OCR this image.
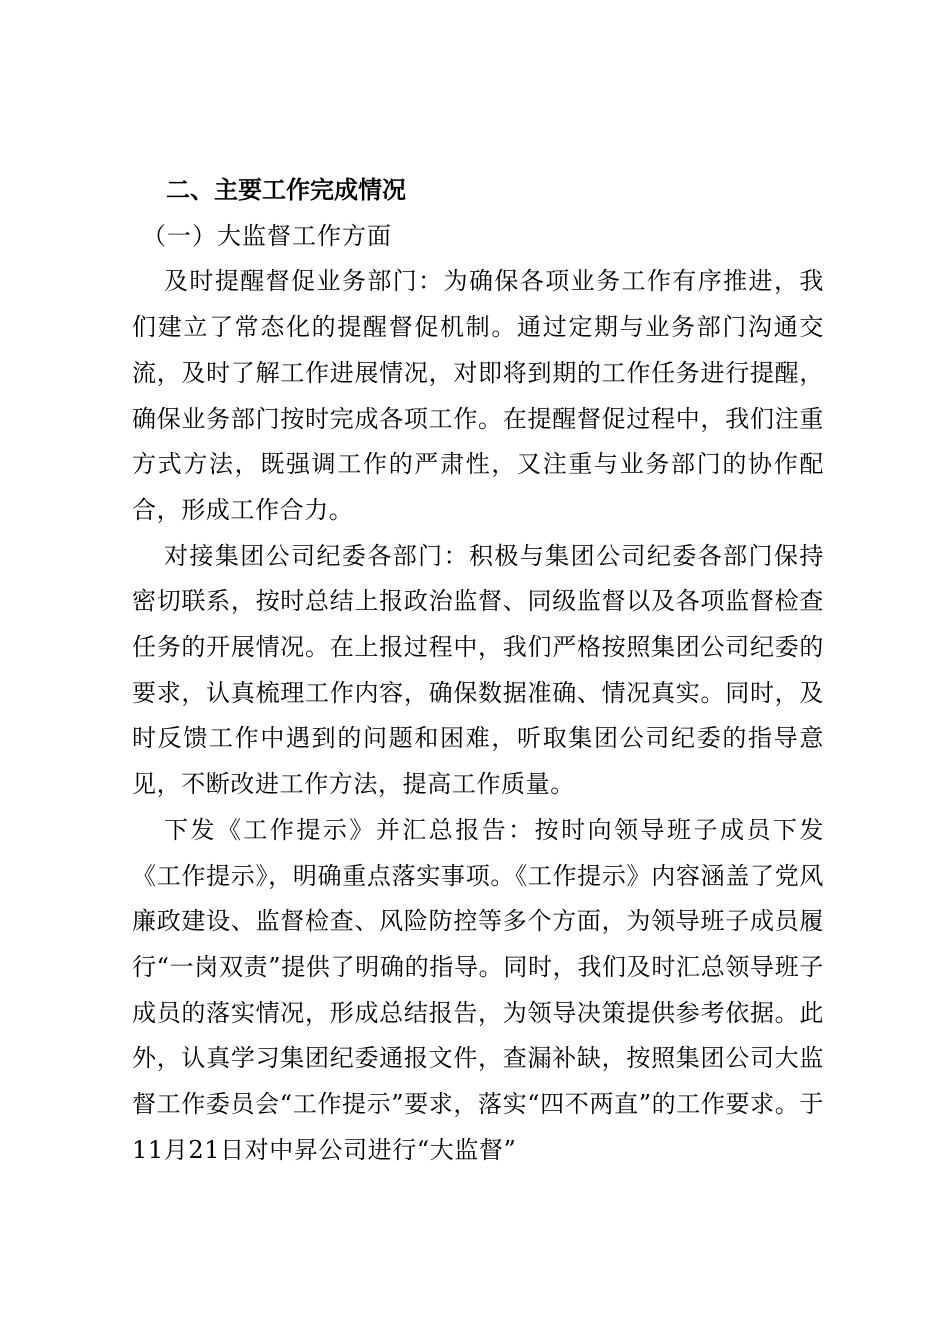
二、主要工作完成情况

（一）大监督工作方面

及时提醒督促业务部门：为确保各项业务工作有序推进，我们建立了常态化的提醒督促机制。通过定期与业务部门沟通交流，及时了解工作进展情况，对即将到期的工作任务进行提醒，确保业务部门按时完成各项工作。在提醒督促过程中，我们注重方式方法，既强调工作的严肃性，又注重与业务部门的协作配合，形成工作合力。

对接集团公司纪委各部门：积极与集团公司纪委各部门保持密切联系，按时总结上报政治监督、同级监督以及各项监督检查任务的开展情况。在上报过程中，我们严格按照集团公司纪委的要求，认真梳理工作内容，确保数据准确、情况真实。同时，及时反馈工作中遇到的问题和困难，听取集团公司纪委的指导意见，不断改进工作方法，提高工作质量。

下发《工作提示》并汇总报告：按时向领导班子成员下发《工作提示》，明确重点落实事项。《工作提示》内容涵盖了党风廉政建设、监督检查、风险防控等多个方面，为领导班子成员履行“一岗双责”提供了明确的指导。同时，我们及时汇总领导班子成员的落实情况，形成总结报告，为领导决策提供参考依据。此外，认真学习集团纪委通报文件，查漏补缺，按照集团公司大监督工作委员会“工作提示”要求，落实“四不两直”的工作要求。于11月21日对中昇公司进行“大监督”
